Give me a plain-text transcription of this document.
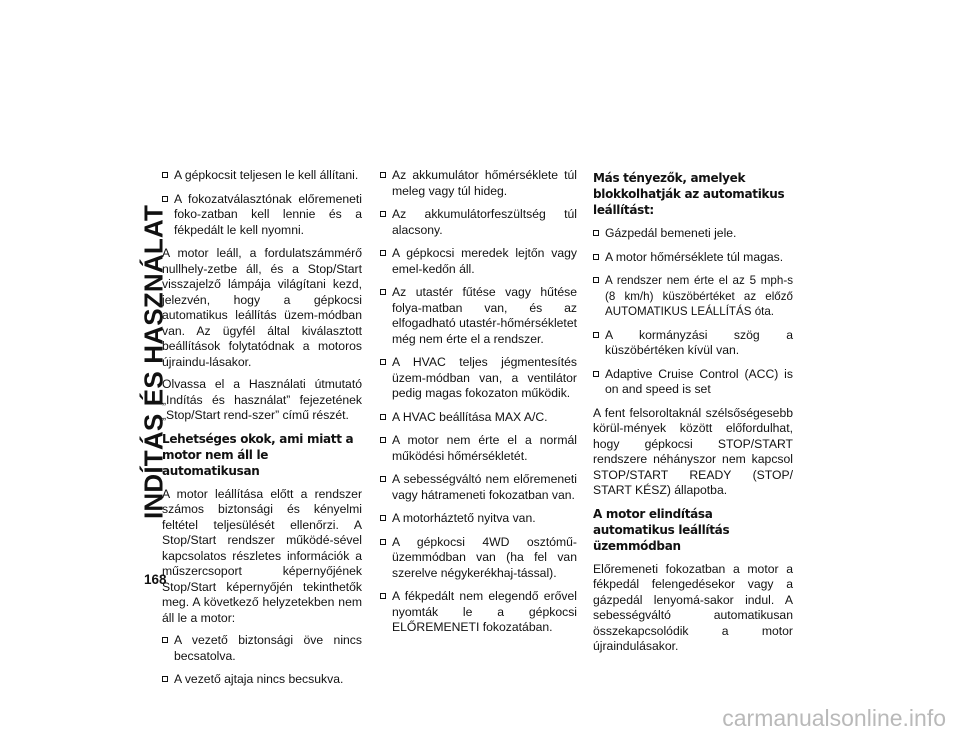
INDÍTÁS ÉS HASZNÁLAT
168
A gépkocsit teljesen le kell állítani.
A fokozatválasztónak előremeneti foko-zatban kell lennie és a fékpedált le kell nyomni.

A motor leáll, a fordulatszámmérő nullhely-zetbe áll, és a Stop/Start visszajelző lámpája világítani kezd, jelezvén, hogy a gépkocsi automatikus leállítás üzem-módban van. Az ügyfél által kiválasztott beállítások folytatódnak a motoros újraindu-lásakor.

Olvassa el a Használati útmutató „Indítás és használat” fejezetének „Stop/Start rend-szer” című részét.

Lehetséges okok, ami miatt a motor nem áll le automatikusan

A motor leállítása előtt a rendszer számos biztonsági és kényelmi feltétel teljesülését ellenőrzi. A Stop/Start rendszer működé-sével kapcsolatos részletes információk a műszercsoport képernyőjének Stop/Start képernyőjén tekinthetők meg. A következő helyzetekben nem áll le a motor:

A vezető biztonsági öve nincs becsatolva.
A vezető ajtaja nincs becsukva.
Az akkumulátor hőmérséklete túl meleg vagy túl hideg.
Az akkumulátorfeszültség túl alacsony.
A gépkocsi meredek lejtőn vagy emel-kedőn áll.
Az utastér fűtése vagy hűtése folya-matban van, és az elfogadható utastér-hőmérsékletet még nem érte el a rendszer.
A HVAC teljes jégmentesítés üzem-módban van, a ventilátor pedig magas fokozaton működik.
A HVAC beállítása MAX A/C.
A motor nem érte el a normál működési hőmérsékletét.
A sebességváltó nem előremeneti vagy hátrameneti fokozatban van.
A motorháztető nyitva van.
A gépkocsi 4WD osztómű-üzemmódban van (ha fel van szerelve négykerékhaj-tással).
A fékpedált nem elegendő erővel nyomták le a gépkocsi ELŐREMENETI fokozatában.
Más tényezők, amelyek blokkolhatják az automatikus leállítást:
Gázpedál bemeneti jele.
A motor hőmérséklete túl magas.
A rendszer nem érte el az 5 mph-s (8 km/h) küszöbértéket az előző AUTOMATIKUS LEÁLLÍTÁS óta.
A kormányzási szög a küszöbértéken kívül van.
Adaptive Cruise Control (ACC) is on and speed is set

A fent felsoroltaknál szélsőségesebb körül-mények között előfordulhat, hogy gépkocsi STOP/START rendszere néhányszor nem kapcsol STOP/START READY (STOP/ START KÉSZ) állapotba.

A motor elindítása automatikus leállítás üzemmódban

Előremeneti fokozatban a motor a fékpedál felengedésekor vagy a gázpedál lenyomá-sakor indul. A sebességváltó automatikusan összekapcsolódik a motor újraindulásakor.

carmanualsonline.info
